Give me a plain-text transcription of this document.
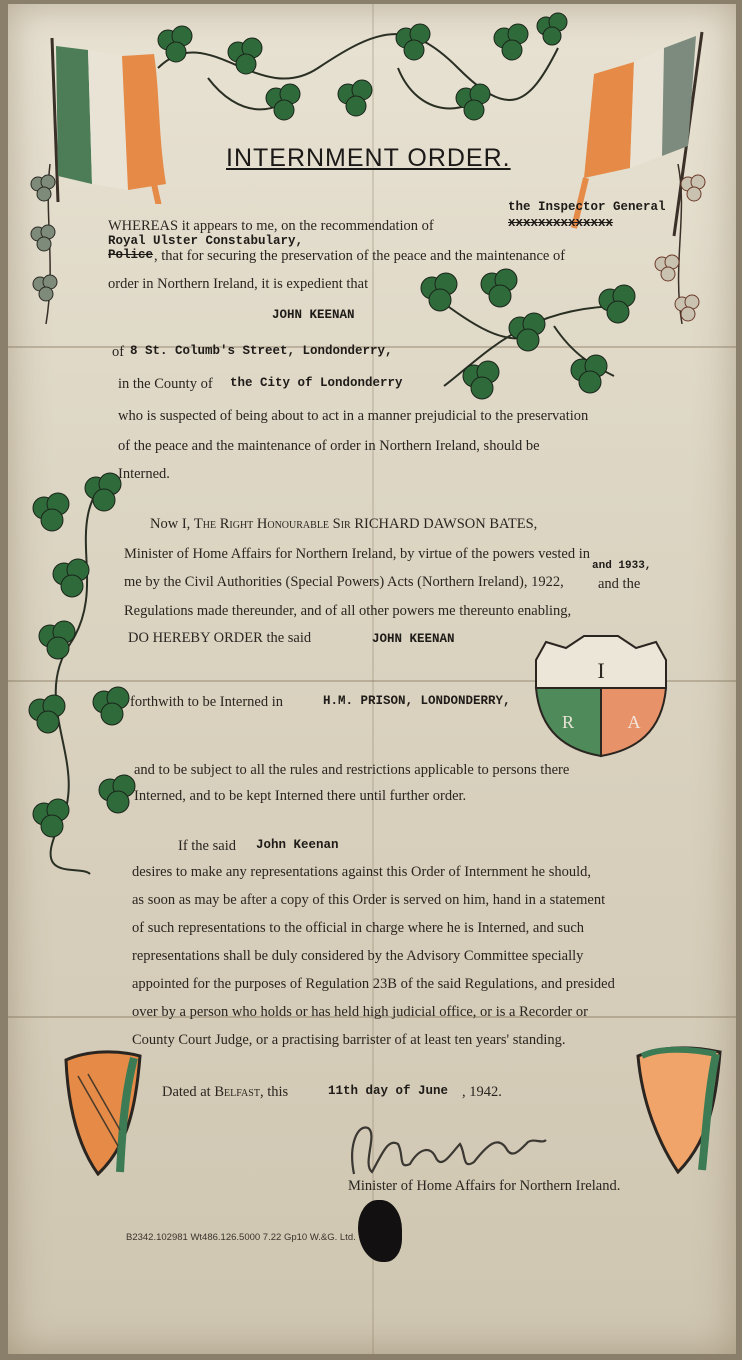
I
R	A
INTERNMENT ORDER.
WHEREAS it appears to me, on the recommendation of
the Inspector General
xxxxxxxxxxxxxx
Royal Ulster Constabulary,
Police , that for securing the preservation of the peace and the maintenance of
order in Northern Ireland, it is expedient that
JOHN KEENAN
of 8 St. Columb's Street, Londonderry,
in the County of the City of Londonderry
who is suspected of being about to act in a manner prejudicial to the preservation
of the peace and the maintenance of order in Northern Ireland, should be
Interned.
Now I, The Right Honourable Sir RICHARD DAWSON BATES,
Minister of Home Affairs for Northern Ireland, by virtue of the powers vested in
me by the Civil Authorities (Special Powers) Acts (Northern Ireland), 1922,
and 1933,
and the
Regulations made thereunder, and of all other powers me thereunto enabling,
DO HEREBY ORDER the said	JOHN KEENAN
forthwith to be Interned in	H.M. PRISON, LONDONDERRY,
and to be subject to all the rules and restrictions applicable to persons there
Interned, and to be kept Interned there until further order.
If the said John Keenan
desires to make any representations against this Order of Internment he should,
as soon as may be after a copy of this Order is served on him, hand in a statement
of such representations to the official in charge where he is Interned, and such
representations shall be duly considered by the Advisory Committee specially
appointed for the purposes of Regulation 23B of the said Regulations, and presided
over by a person who holds or has held high judicial office, or is a Recorder or
County Court Judge, or a practising barrister of at least ten years' standing.
Dated at Belfast, this	11th day of June , 1942.
Minister of Home Affairs for Northern Ireland.
B2342.102981 Wt486.126.5000 7.22 Gp10 W.&G. Ltd.
